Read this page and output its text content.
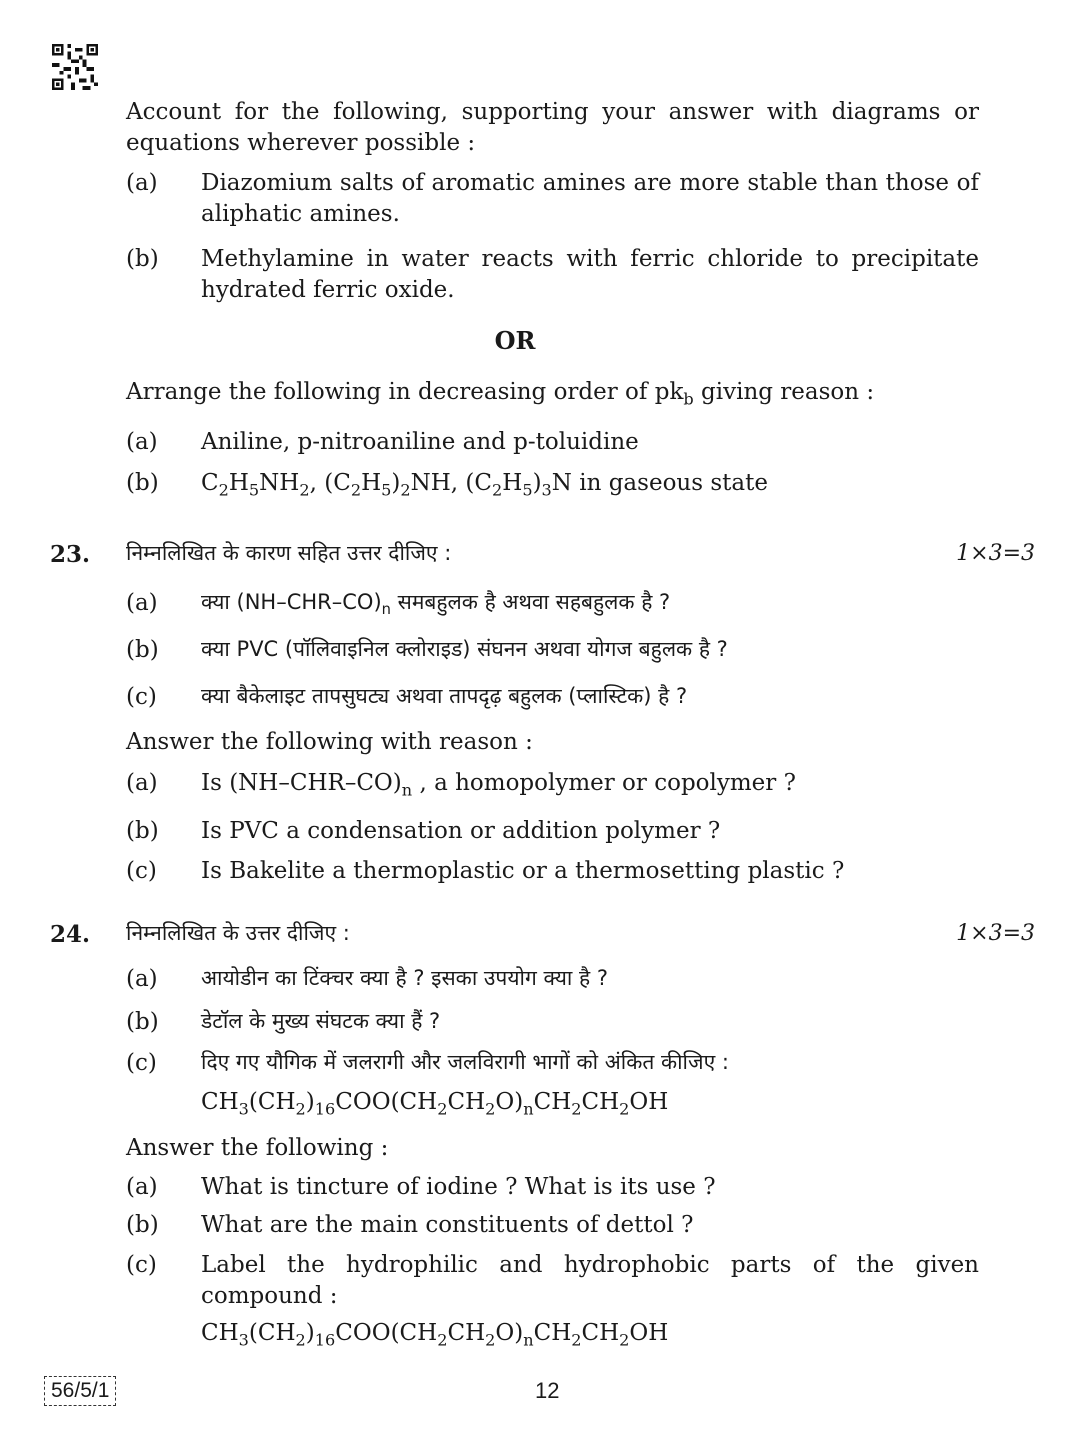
Account for the following, supporting your answer with diagrams or
equations wherever possible :
(a) Diazomium salts of aromatic amines are more stable than those of
aliphatic amines.
(b) Methylamine in water reacts with ferric chloride to precipitate
hydrated ferric oxide.
OR
Arrange the following in decreasing order of $pk_b$ giving reason :
(a) Aniline, p-nitroaniline and p-toluidine
(b) $C_2H_5NH_2$, $(C_2H_5)_2NH$, $(C_2H_5)_3N$ in gaseous state
23. निम्नलिखित के कारण सहित उत्तर दीजिए :	1×3=3
(a) क्या $(NH-CHR-CO)_n$ समबहुलक है अथवा सहबहुलक है ?
(b) क्या PVC (पॉलिवाइनिल क्लोराइड) संघनन अथवा योगज बहुलक है ?
(c) क्या बैकेलाइट तापसुघट्य अथवा तापदृढ़ बहुलक (प्लास्टिक) है ?
Answer the following with reason :
(a) Is $(NH-CHR-CO)_n$ , a homopolymer or copolymer ?
(b) Is PVC a condensation or addition polymer ?
(c) Is Bakelite a thermoplastic or a thermosetting plastic ?
24. निम्नलिखित के उत्तर दीजिए :	1×3=3
(a) आयोडीन का टिंक्चर क्या है ? इसका उपयोग क्या है ?
(b) डेटॉल के मुख्य संघटक क्या हैं ?
(c) दिए गए यौगिक में जलरागी और जलविरागी भागों को अंकित कीजिए :
$CH_3(CH_2)_{16}COO(CH_2CH_2O)_nCH_2CH_2OH$
Answer the following :
(a) What is tincture of iodine ? What is its use ?
(b) What are the main constituents of dettol ?
(c) Label the hydrophilic and hydrophobic parts of the given
compound :
$CH_3(CH_2)_{16}COO(CH_2CH_2O)_nCH_2CH_2OH$
56/5/1	12
